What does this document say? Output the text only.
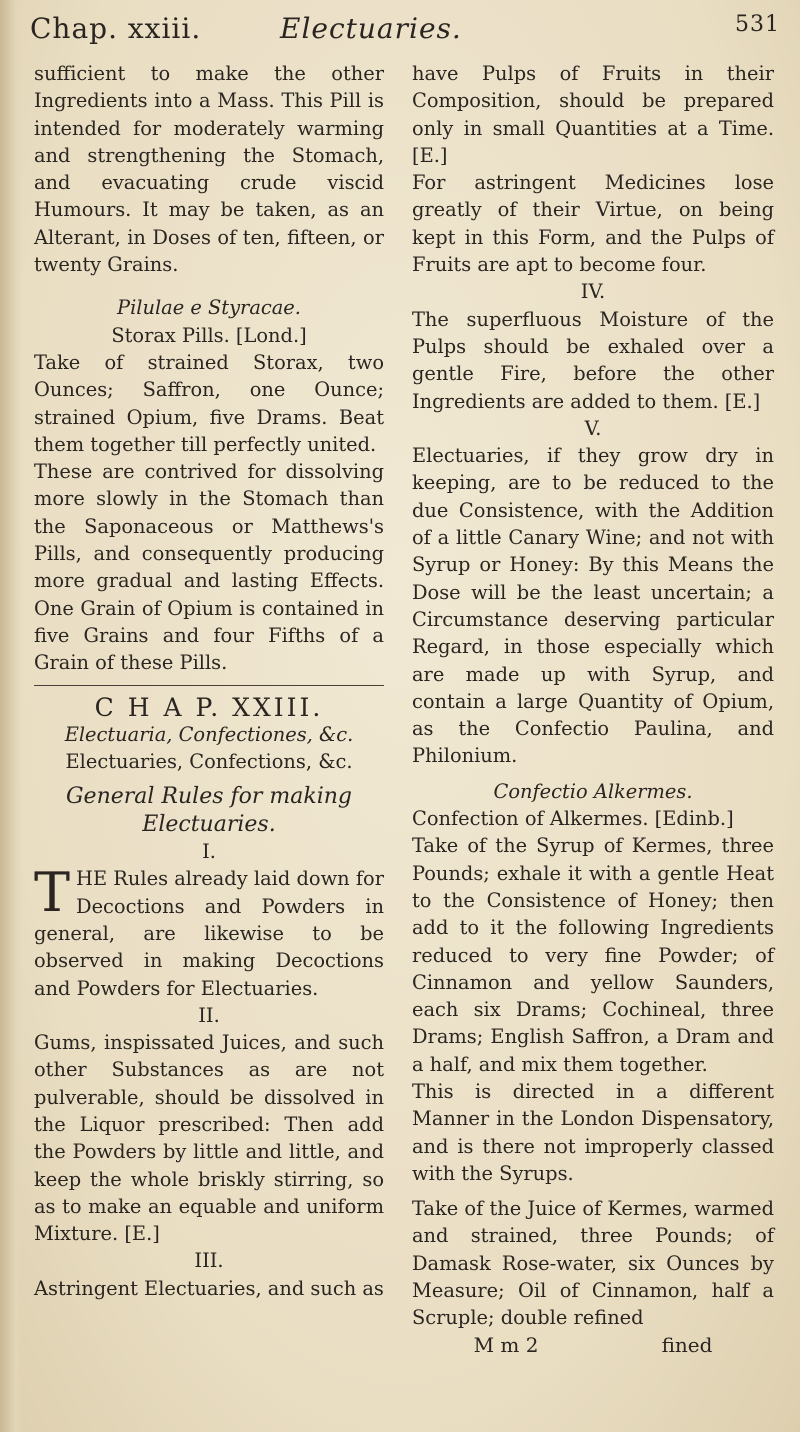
Chap. xxiii.	Electuaries.	531

sufficient to make the other Ingredients into a Mass. This Pill is intended for moderately warming and strengthening the Stomach, and evacuating crude viscid Humours. It may be taken, as an Alterant, in Doses of ten, fifteen, or twenty Grains.

Pilulae e Styracae.

Storax Pills. [Lond.]

Take of strained Storax, two Ounces; Saffron, one Ounce; strained Opium, five Drams. Beat them together till perfectly united.

These are contrived for dissolving more slowly in the Stomach than the Saponaceous or Matthews's Pills, and consequently producing more gradual and lasting Effects. One Grain of Opium is contained in five Grains and four Fifths of a Grain of these Pills.

C H A P. XXIII.

Electuaria, Confectiones, &c.

Electuaries, Confections, &c.

General Rules for making

Electuaries.

I.

THE Rules already laid down for Decoctions and Powders in general, are likewise to be observed in making Decoctions and Powders for Electuaries.

II.

Gums, inspissated Juices, and such other Substances as are not pulverable, should be dissolved in the Liquor prescribed: Then add the Powders by little and little, and keep the whole briskly stirring, so as to make an equable and uniform Mixture. [E.]

III.

Astringent Electuaries, and such as

have Pulps of Fruits in their Composition, should be prepared only in small Quantities at a Time. [E.]

For astringent Medicines lose greatly of their Virtue, on being kept in this Form, and the Pulps of Fruits are apt to become four.

IV.

The superfluous Moisture of the Pulps should be exhaled over a gentle Fire, before the other Ingredients are added to them. [E.]

V.

Electuaries, if they grow dry in keeping, are to be reduced to the due Consistence, with the Addition of a little Canary Wine; and not with Syrup or Honey: By this Means the Dose will be the least uncertain; a Circumstance deserving particular Regard, in those especially which are made up with Syrup, and contain a large Quantity of Opium, as the Confectio Paulina, and Philonium.

Confectio Alkermes.

Confection of Alkermes. [Edinb.]

Take of the Syrup of Kermes, three Pounds; exhale it with a gentle Heat to the Consistence of Honey; then add to it the following Ingredients reduced to very fine Powder; of Cinnamon and yellow Saunders, each six Drams; Cochineal, three Drams; English Saffron, a Dram and a half, and mix them together.

This is directed in a different Manner in the London Dispensatory, and is there not improperly classed with the Syrups.

Take of the Juice of Kermes, warmed and strained, three Pounds; of Damask Rose-water, six Ounces by Measure; Oil of Cinnamon, half a Scruple; double refined

M m 2	fined
